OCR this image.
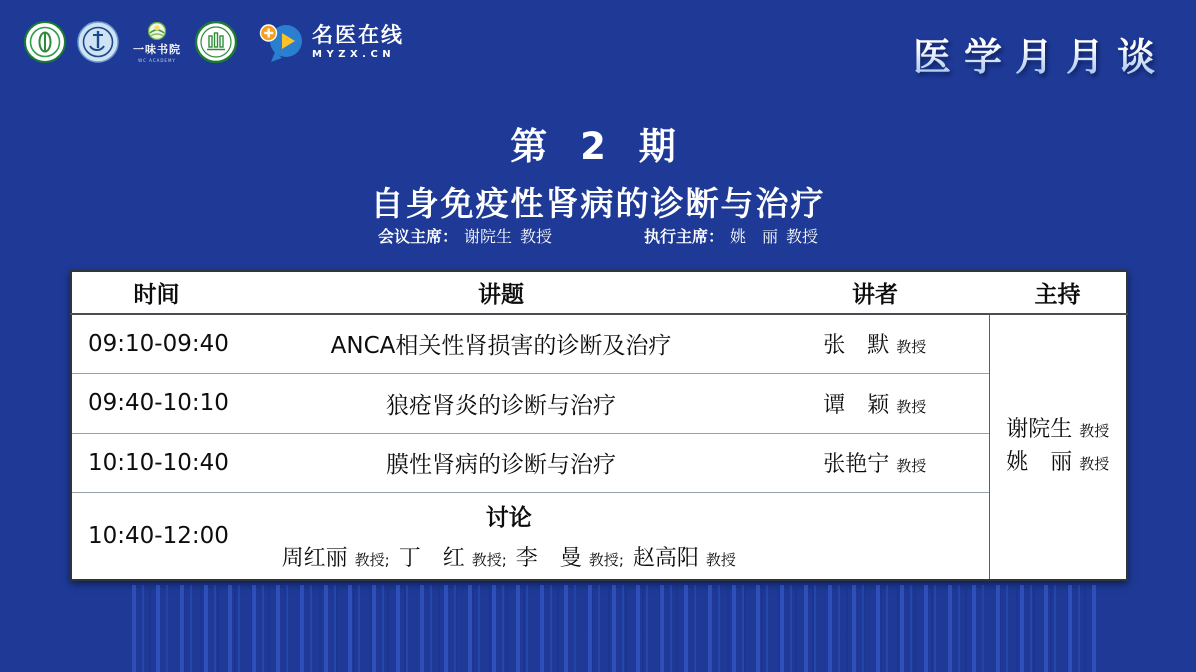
一味书院
WC ACADEMY
名医在线
MYZX.CN	医学月月谈
第 2 期
自身免疫性肾病的诊断与治疗
会议主席： 谢院生 教授	执行主席： 姚　丽 教授
时间	讲题	讲者	主持
09:10-09:40	ANCA相关性肾损害的诊断及治疗	张　默 教授	谢院生 教授
姚　丽 教授

09:40-10:10	狼疮肾炎的诊断与治疗	谭　颖 教授	
10:10-10:40	膜性肾病的诊断与治疗	张艳宁 教授	
10:40-12:00	讨论
周红丽 教授; 丁　红 教授; 李　曼 教授; 赵高阳 教授		
